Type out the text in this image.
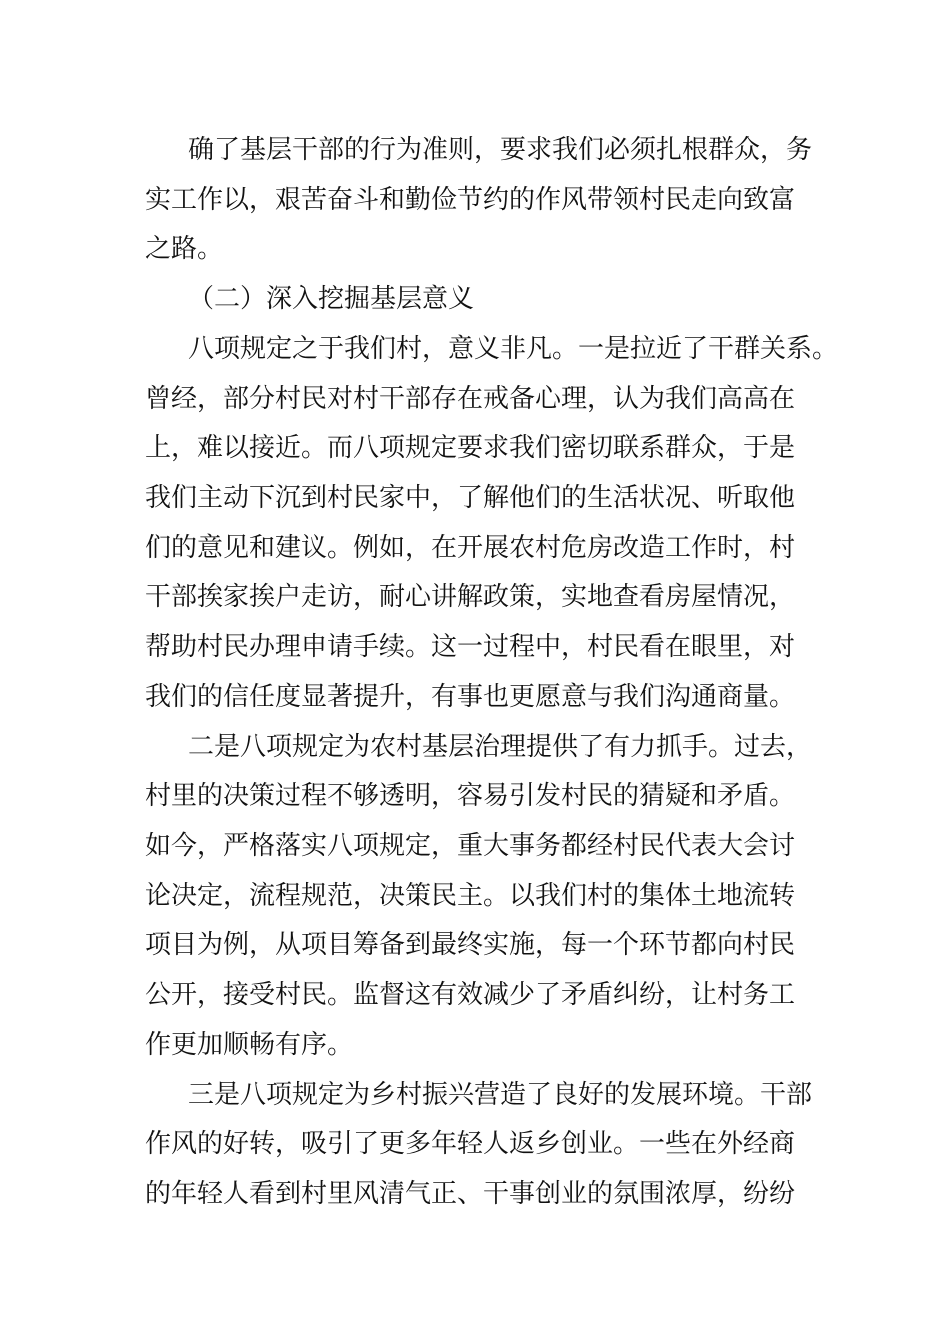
确了基层干部的行为准则，要求我们必须扎根群众，务
实工作以，艰苦奋斗和勤俭节约的作风带领村民走向致富
之路。
（二）深入挖掘基层意义
八项规定之于我们村，意义非凡。一是拉近了干群关系。
曾经，部分村民对村干部存在戒备心理，认为我们高高在
上，难以接近。而八项规定要求我们密切联系群众，于是
我们主动下沉到村民家中，了解他们的生活状况、听取他
们的意见和建议。例如，在开展农村危房改造工作时，村
干部挨家挨户走访，耐心讲解政策，实地查看房屋情况，
帮助村民办理申请手续。这一过程中，村民看在眼里，对
我们的信任度显著提升，有事也更愿意与我们沟通商量。
二是八项规定为农村基层治理提供了有力抓手。过去，
村里的决策过程不够透明，容易引发村民的猜疑和矛盾。
如今，严格落实八项规定，重大事务都经村民代表大会讨
论决定，流程规范，决策民主。以我们村的集体土地流转
项目为例，从项目筹备到最终实施，每一个环节都向村民
公开，接受村民。监督这有效减少了矛盾纠纷，让村务工
作更加顺畅有序。
三是八项规定为乡村振兴营造了良好的发展环境。干部
作风的好转，吸引了更多年轻人返乡创业。一些在外经商
的年轻人看到村里风清气正、干事创业的氛围浓厚，纷纷
